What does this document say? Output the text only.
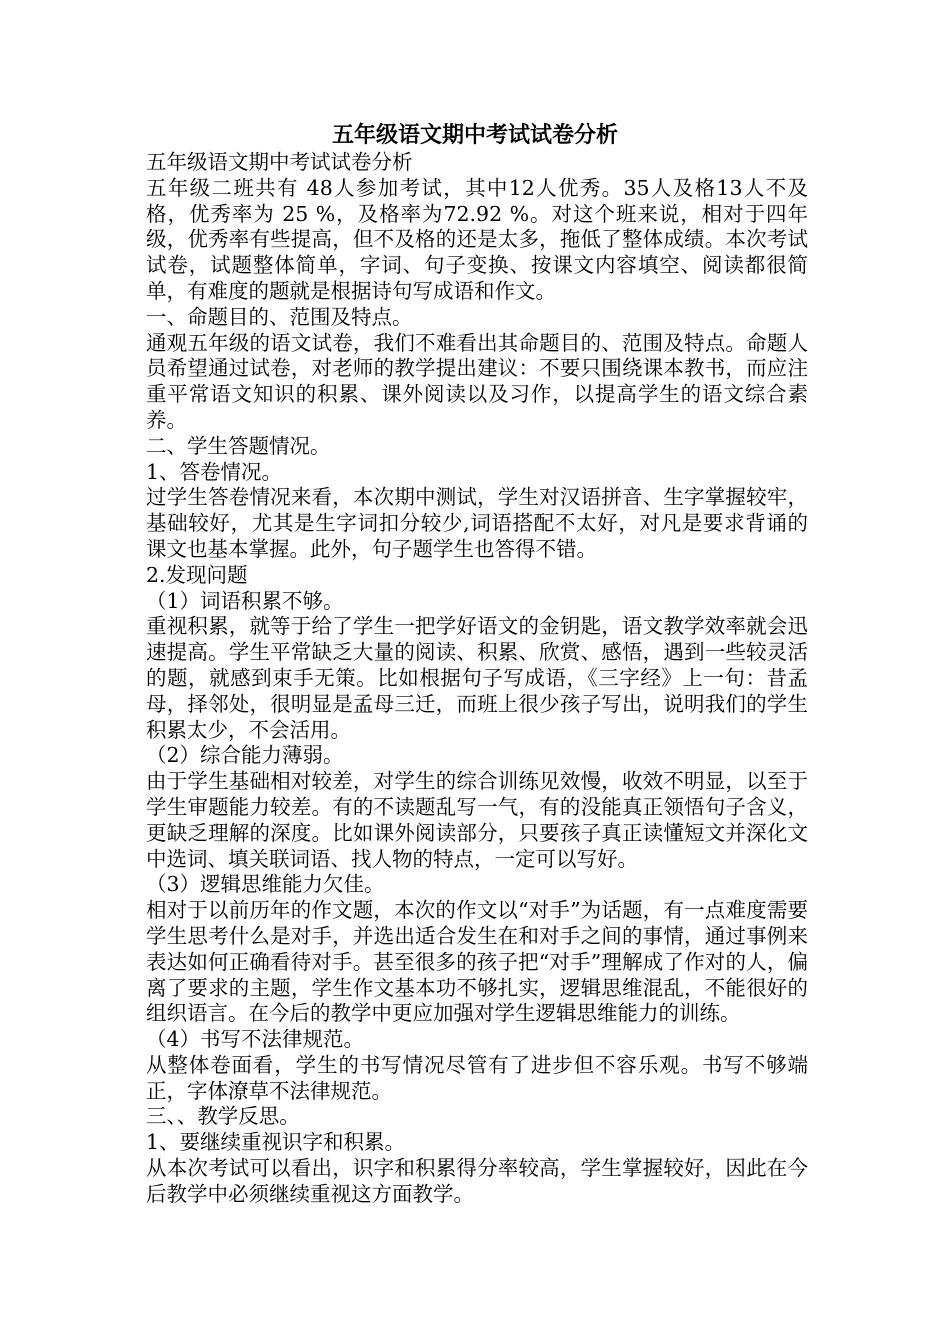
五年级语文期中考试试卷分析

五年级语文期中考试试卷分析

五年级二班共有 48人参加考试，其中12人优秀。35人及格13人不及格，优秀率为 25 %，及格率为72.92 %。对这个班来说，相对于四年级，优秀率有些提高，但不及格的还是太多，拖低了整体成绩。本次考试试卷，试题整体简单，字词、句子变换、按课文内容填空、阅读都很简单，有难度的题就是根据诗句写成语和作文。

一、命题目的、范围及特点。

通观五年级的语文试卷，我们不难看出其命题目的、范围及特点。命题人员希望通过试卷，对老师的教学提出建议：不要只围绕课本教书，而应注重平常语文知识的积累、课外阅读以及习作，以提高学生的语文综合素养。

二、学生答题情况。

1、答卷情况。

过学生答卷情况来看，本次期中测试，学生对汉语拼音、生字掌握较牢，基础较好，尤其是生字词扣分较少,词语搭配不太好，对凡是要求背诵的课文也基本掌握。此外，句子题学生也答得不错。

2.发现问题

（1）词语积累不够。

重视积累，就等于给了学生一把学好语文的金钥匙，语文教学效率就会迅速提高。学生平常缺乏大量的阅读、积累、欣赏、感悟，遇到一些较灵活的题，就感到束手无策。比如根据句子写成语，《三字经》上一句：昔孟母，择邻处，很明显是孟母三迁，而班上很少孩子写出，说明我们的学生积累太少，不会活用。

（2）综合能力薄弱。

由于学生基础相对较差，对学生的综合训练见效慢，收效不明显，以至于学生审题能力较差。有的不读题乱写一气，有的没能真正领悟句子含义，更缺乏理解的深度。比如课外阅读部分，只要孩子真正读懂短文并深化文中选词、填关联词语、找人物的特点，一定可以写好。

（3）逻辑思维能力欠佳。

相对于以前历年的作文题，本次的作文以“对手”为话题，有一点难度需要学生思考什么是对手，并选出适合发生在和对手之间的事情，通过事例来表达如何正确看待对手。甚至很多的孩子把“对手”理解成了作对的人，偏离了要求的主题，学生作文基本功不够扎实，逻辑思维混乱，不能很好的组织语言。在今后的教学中更应加强对学生逻辑思维能力的训练。

（4）书写不法律规范。

从整体卷面看，学生的书写情况尽管有了进步但不容乐观。书写不够端正，字体潦草不法律规范。

三、、教学反思。

1、要继续重视识字和积累。

从本次考试可以看出，识字和积累得分率较高，学生掌握较好，因此在今后教学中必须继续重视这方面教学。
